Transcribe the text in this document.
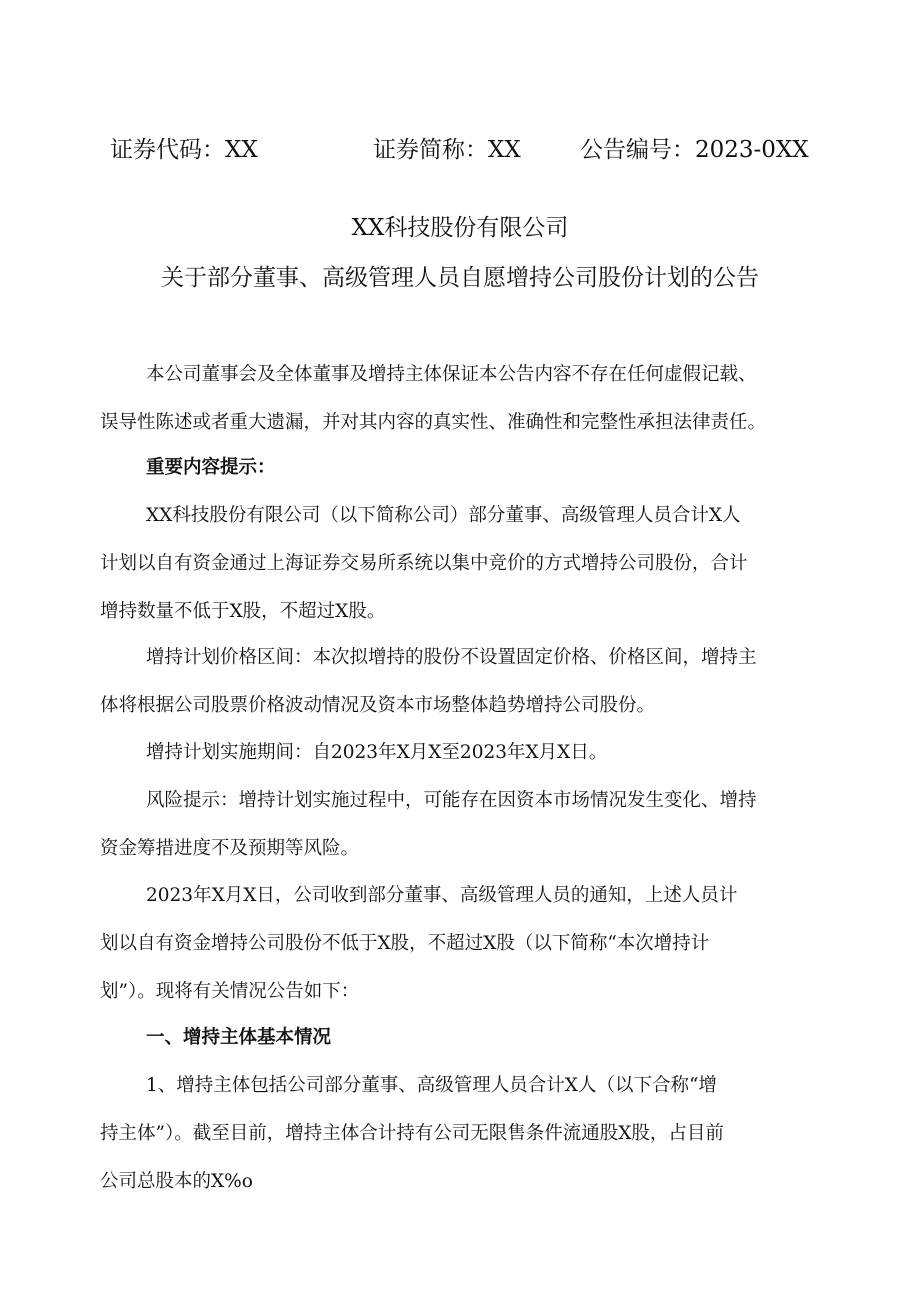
证券代码：XX	证券简称：XX	公告编号：2023-0XX
XX科技股份有限公司
关于部分董事、高级管理人员自愿增持公司股份计划的公告
本公司董事会及全体董事及增持主体保证本公告内容不存在任何虚假记载、
误导性陈述或者重大遗漏，并对其内容的真实性、准确性和完整性承担法律责任。
重要内容提示：
XX科技股份有限公司（以下简称公司）部分董事、高级管理人员合计X人
计划以自有资金通过上海证券交易所系统以集中竞价的方式增持公司股份，合计
增持数量不低于X股，不超过X股。
增持计划价格区间：本次拟增持的股份不设置固定价格、价格区间，增持主
体将根据公司股票价格波动情况及资本市场整体趋势增持公司股份。
增持计划实施期间：自2023年X月X至2023年X月X日。
风险提示：增持计划实施过程中，可能存在因资本市场情况发生变化、增持
资金筹措进度不及预期等风险。
2023年X月X日，公司收到部分董事、高级管理人员的通知，上述人员计
划以自有资金增持公司股份不低于X股，不超过X股（以下简称“本次增持计
划”）。现将有关情况公告如下：
一、增持主体基本情况
1、增持主体包括公司部分董事、高级管理人员合计X人（以下合称“增
持主体”）。截至目前，增持主体合计持有公司无限售条件流通股X股，占目前
公司总股本的X%o
